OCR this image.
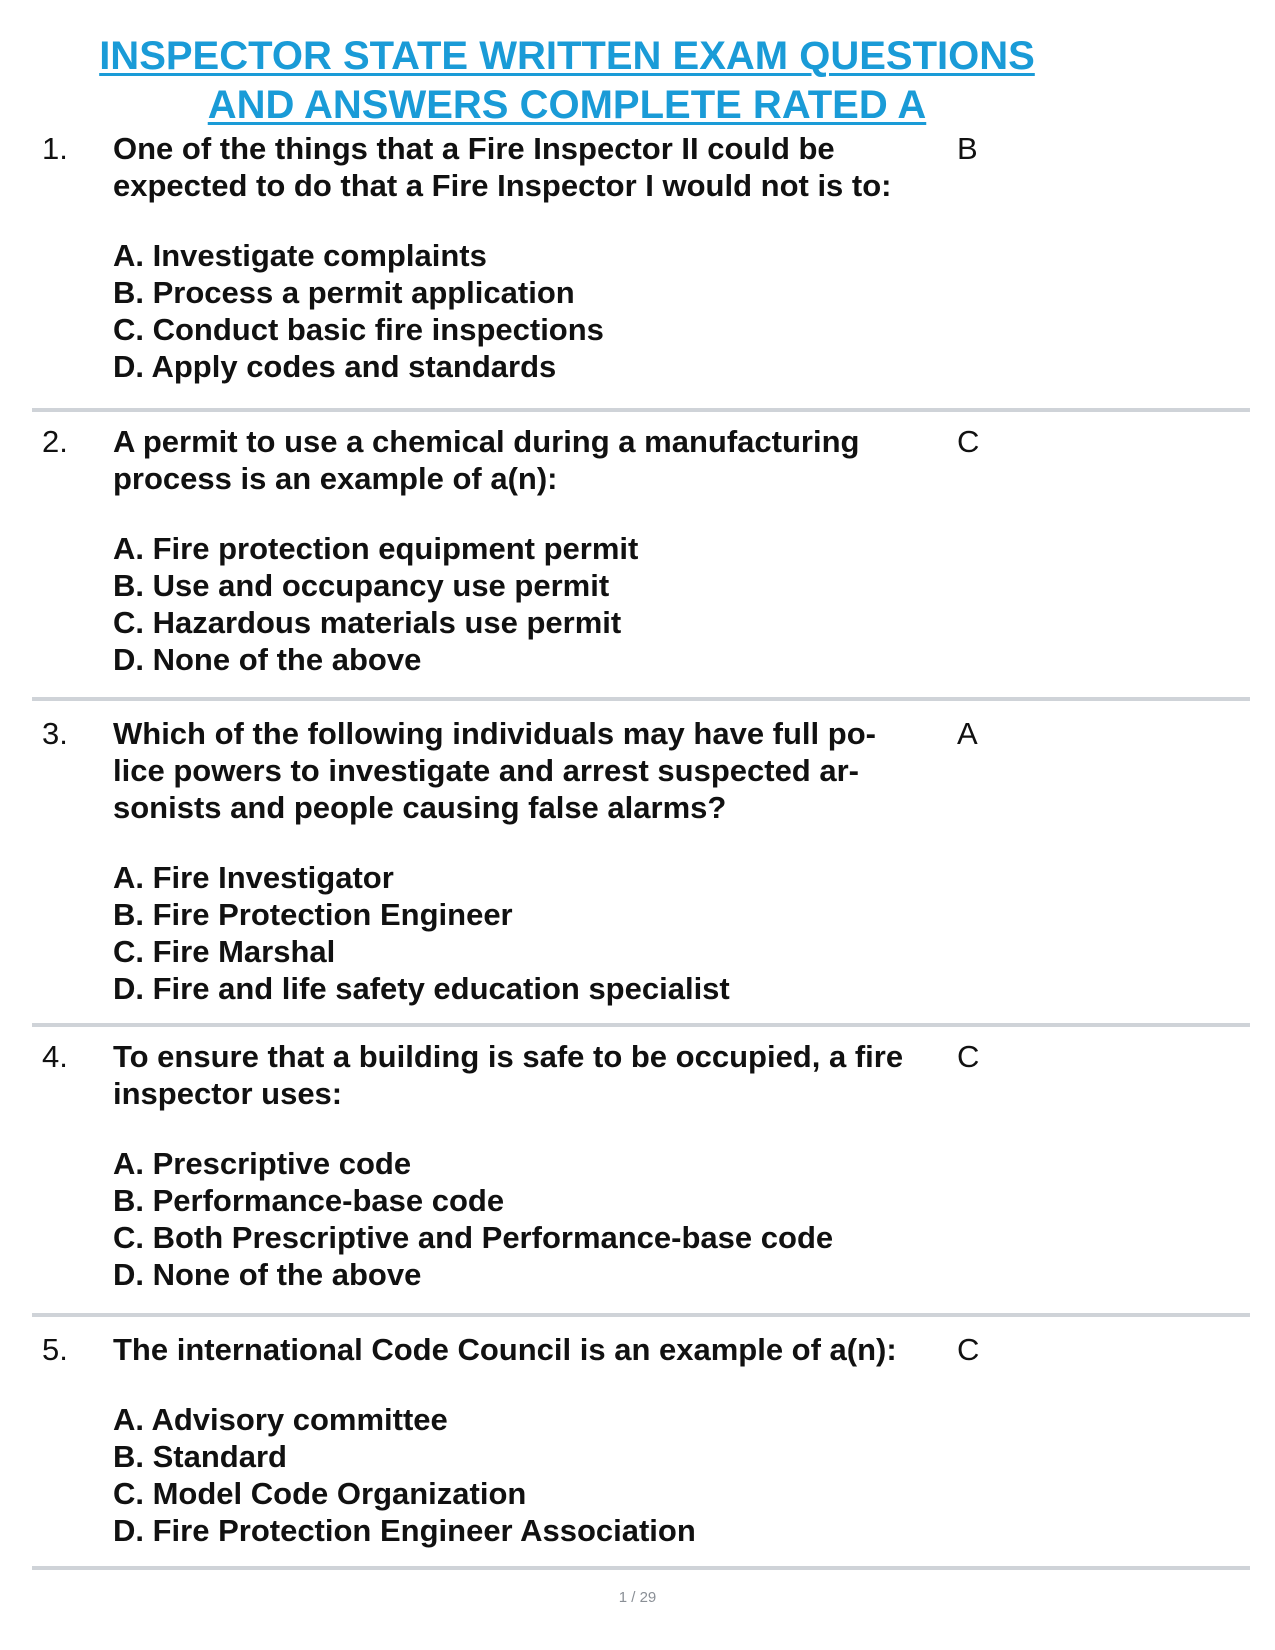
INSPECTOR STATE WRITTEN EXAM QUESTIONS
AND ANSWERS COMPLETE RATED A
1. One of the things that a Fire Inspector II could be
expected to do that a Fire Inspector I would not is to:

A. Investigate complaints
B. Process a permit application
C. Conduct basic fire inspections
D. Apply codes and standards
B
2. A permit to use a chemical during a manufacturing
process is an example of a(n):

A. Fire protection equipment permit
B. Use and occupancy use permit
C. Hazardous materials use permit
D. None of the above
C
3. Which of the following individuals may have full po-
lice powers to investigate and arrest suspected ar-
sonists and people causing false alarms?

A. Fire Investigator
B. Fire Protection Engineer
C. Fire Marshal
D. Fire and life safety education specialist
A
4. To ensure that a building is safe to be occupied, a fire
inspector uses:

A. Prescriptive code
B. Performance-base code
C. Both Prescriptive and Performance-base code
D. None of the above
C
5. The international Code Council is an example of a(n):

A. Advisory committee
B. Standard
C. Model Code Organization
D. Fire Protection Engineer Association
C
1 / 29
